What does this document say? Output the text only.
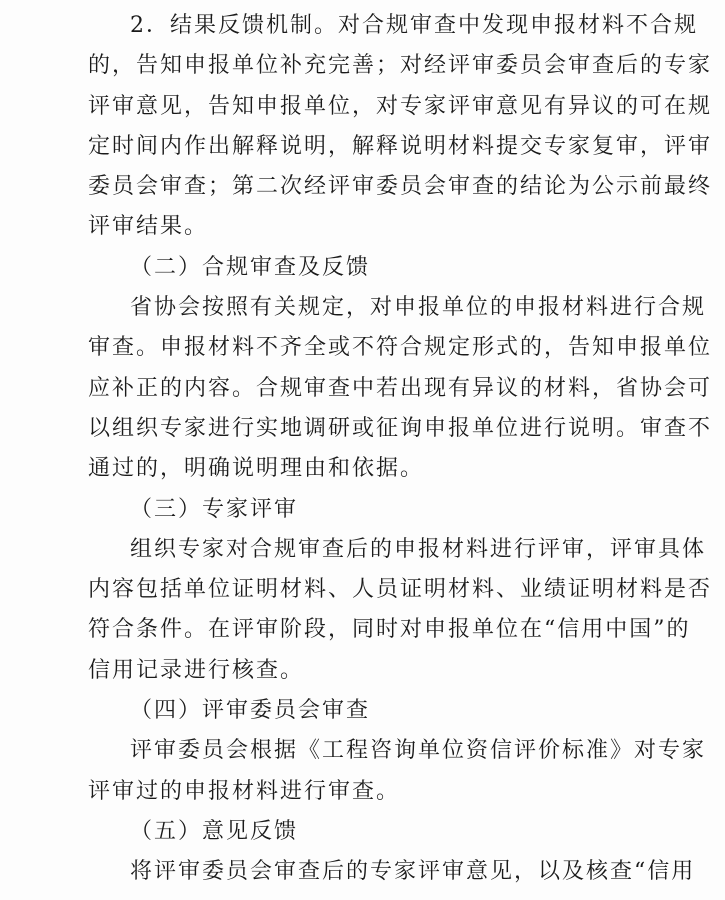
2．结果反馈机制。对合规审查中发现申报材料不合规
的，告知申报单位补充完善；对经评审委员会审查后的专家
评审意见，告知申报单位，对专家评审意见有异议的可在规
定时间内作出解释说明，解释说明材料提交专家复审，评审
委员会审查；第二次经评审委员会审查的结论为公示前最终
评审结果。
（二）合规审查及反馈
省协会按照有关规定，对申报单位的申报材料进行合规
审查。申报材料不齐全或不符合规定形式的，告知申报单位
应补正的内容。合规审查中若出现有异议的材料，省协会可
以组织专家进行实地调研或征询申报单位进行说明。审查不
通过的，明确说明理由和依据。
（三）专家评审
组织专家对合规审查后的申报材料进行评审，评审具体
内容包括单位证明材料、人员证明材料、业绩证明材料是否
符合条件。在评审阶段，同时对申报单位在“信用中国”的
信用记录进行核查。
（四）评审委员会审查
评审委员会根据《工程咨询单位资信评价标准》对专家
评审过的申报材料进行审查。
（五）意见反馈
将评审委员会审查后的专家评审意见，以及核查“信用
